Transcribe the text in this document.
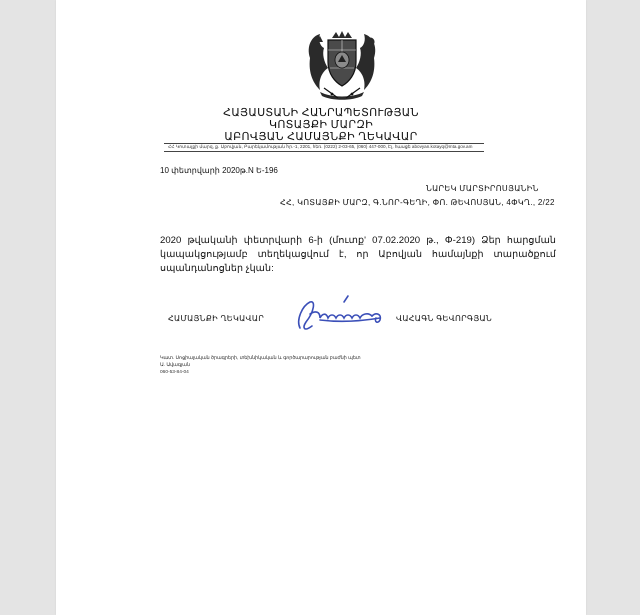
ՀԱՅԱՍՏԱՆԻ ՀԱՆՐԱՊԵՏՈՒԹՅԱՆ
ԿՈՏԱՅՔԻ ՄԱՐԶԻ
ԱԲՈՎՅԱՆ ՀԱՄԱՅՆՔԻ ՂԵԿԱՎԱՐ
ՀՀ Կոտայքի մարզ, ք. Աբովյան, Բարեկամության հր.-1, 2201, hեռ. (0222) 2-03-65, (060) 447-000, Էլ. hասցե abovyan.kotayq@mta.gov.am
10 փետրվարի 2020թ.N Ե-196
ՆԱՐԵԿ ՄԱՐՏԻՐՈՍՅԱՆԻՆ
ՀՀ, ԿՈՏԱՅՔԻ ՄԱՐԶ, Գ.ՆՈՐ-ԳԵՂԻ, ՓՈ. ԹԵՎՈՍՅԱՆ, 4ՓԿՂ., 2/22
2020 թվականի փետրվարի 6-ի (մուտք' 07.02.2020 թ., Փ-219) Ձեր հարցման կապակցությամբ տեղեկացվում է, որ Աբովյան համայնքի տարածքում սպանդանոցներ չկան:
ՀԱՄԱՅՆՔԻ ՂԵԿԱՎԱՐ	ՎԱՀԱԳՆ ԳԵՎՈՐԳՅԱՆ
Կատ. Սոցիալական ծրագրերի, տեխնիկական և գործարարության բաժնի պետ
Ա. Ավագյան
060-53-84-04
